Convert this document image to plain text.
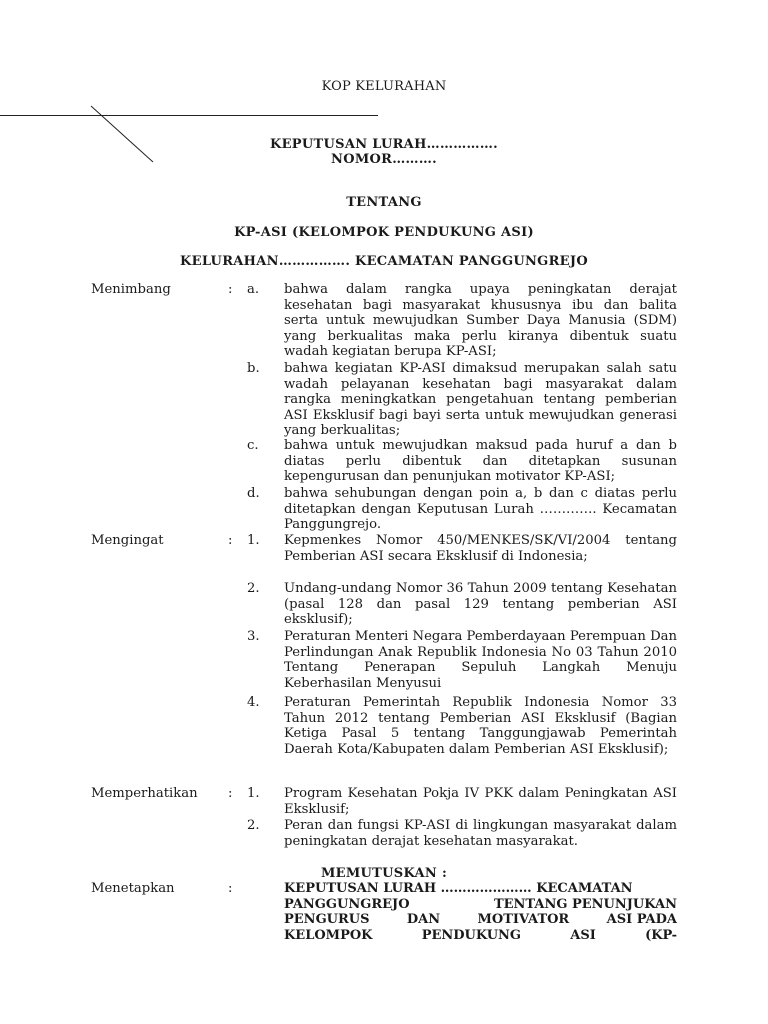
KOP KELURAHAN
KEPUTUSAN LURAH…………….
NOMOR……….
TENTANG
KP-ASI (KELOMPOK PENDUKUNG ASI)
KELURAHAN……………. KECAMATAN PANGGUNGREJO
Menimbang	: a. bahwa dalam rangka upaya peningkatan derajat kesehatan bagi masyarakat khususnya ibu dan balita serta untuk mewujudkan Sumber Daya Manusia (SDM) yang berkualitas maka perlu kiranya dibentuk suatu wadah kegiatan berupa KP-ASI;
b. bahwa kegiatan KP-ASI dimaksud merupakan salah satu wadah pelayanan kesehatan bagi masyarakat dalam rangka meningkatkan pengetahuan tentang pemberian ASI Eksklusif bagi bayi serta untuk mewujudkan generasi yang berkualitas;
c. bahwa untuk mewujudkan maksud pada huruf a dan b diatas perlu dibentuk dan ditetapkan susunan kepengurusan dan penunjukan motivator KP-ASI;
d. bahwa sehubungan dengan poin a, b dan c diatas perlu ditetapkan dengan Keputusan Lurah …………. Kecamatan Panggungrejo.
Mengingat	: 1. Kepmenkes Nomor 450/MENKES/SK/VI/2004 tentang Pemberian ASI secara Eksklusif di Indonesia;
2. Undang-undang Nomor 36 Tahun 2009 tentang Kesehatan (pasal 128 dan pasal 129 tentang pemberian ASI eksklusif);
3. Peraturan Menteri Negara Pemberdayaan Perempuan Dan Perlindungan Anak Republik Indonesia No 03 Tahun 2010 Tentang Penerapan Sepuluh Langkah Menuju Keberhasilan Menyusui
4. Peraturan Pemerintah Republik Indonesia Nomor 33 Tahun 2012 tentang Pemberian ASI Eksklusif (Bagian Ketiga Pasal 5 tentang Tanggungjawab Pemerintah Daerah Kota/Kabupaten dalam Pemberian ASI Eksklusif);
Memperhatikan : 1. Program Kesehatan Pokja IV PKK dalam Peningkatan ASI Eksklusif;
2. Peran dan fungsi KP-ASI di lingkungan masyarakat dalam peningkatan derajat kesehatan masyarakat.
MEMUTUSKAN :
Menetapkan	:	KEPUTUSAN LURAH ………………… KECAMATAN
PANGGUNGREJO	TENTANG PENUNJUKAN
PENGURUS	DAN	MOTIVATOR	ASI PADA
KELOMPOK	PENDUKUNG	ASI	(KP-
